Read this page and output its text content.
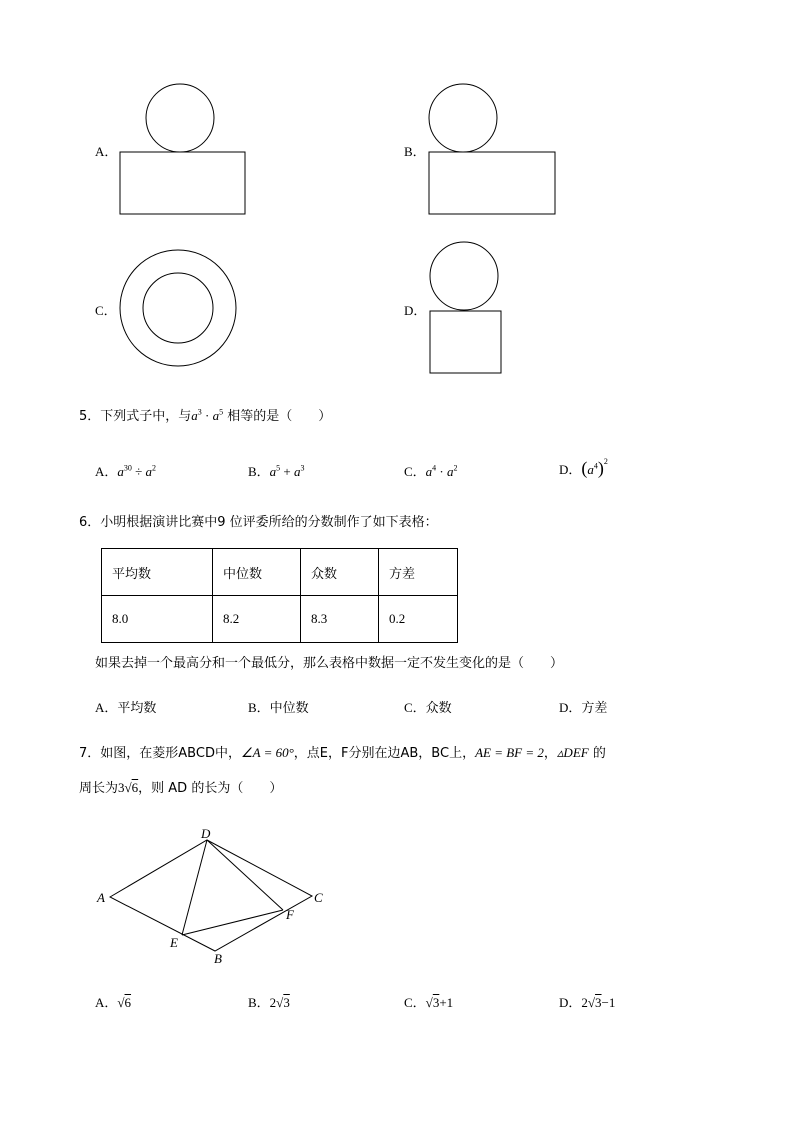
A．	B．
C．	D．
5．下列式子中，与$a^3 \cdot a^5$ 相等的是（　　）
A．$a^{30} \div a^2$	B．$a^5 + a^3$	C．$a^4 \cdot a^2$	D．$(a^4)^2$
6．小明根据演讲比赛中9 位评委所给的分数制作了如下表格：
平均数	中位数	众数	方差
8.0	8.2	8.3	0.2
如果去掉一个最高分和一个最低分，那么表格中数据一定不发生变化的是（　　）
A．平均数	B．中位数	C．众数	D．方差
7．如图，在菱形ABCD中，∠A = 60°，点E，F分别在边AB，BC上，AE = BF = 2，▵DEF 的
周长为3√6，则 AD 的长为（　　）
A
B
C
D
E
F
A．√6	B．2√3	C．√3+1	D．2√3−1
